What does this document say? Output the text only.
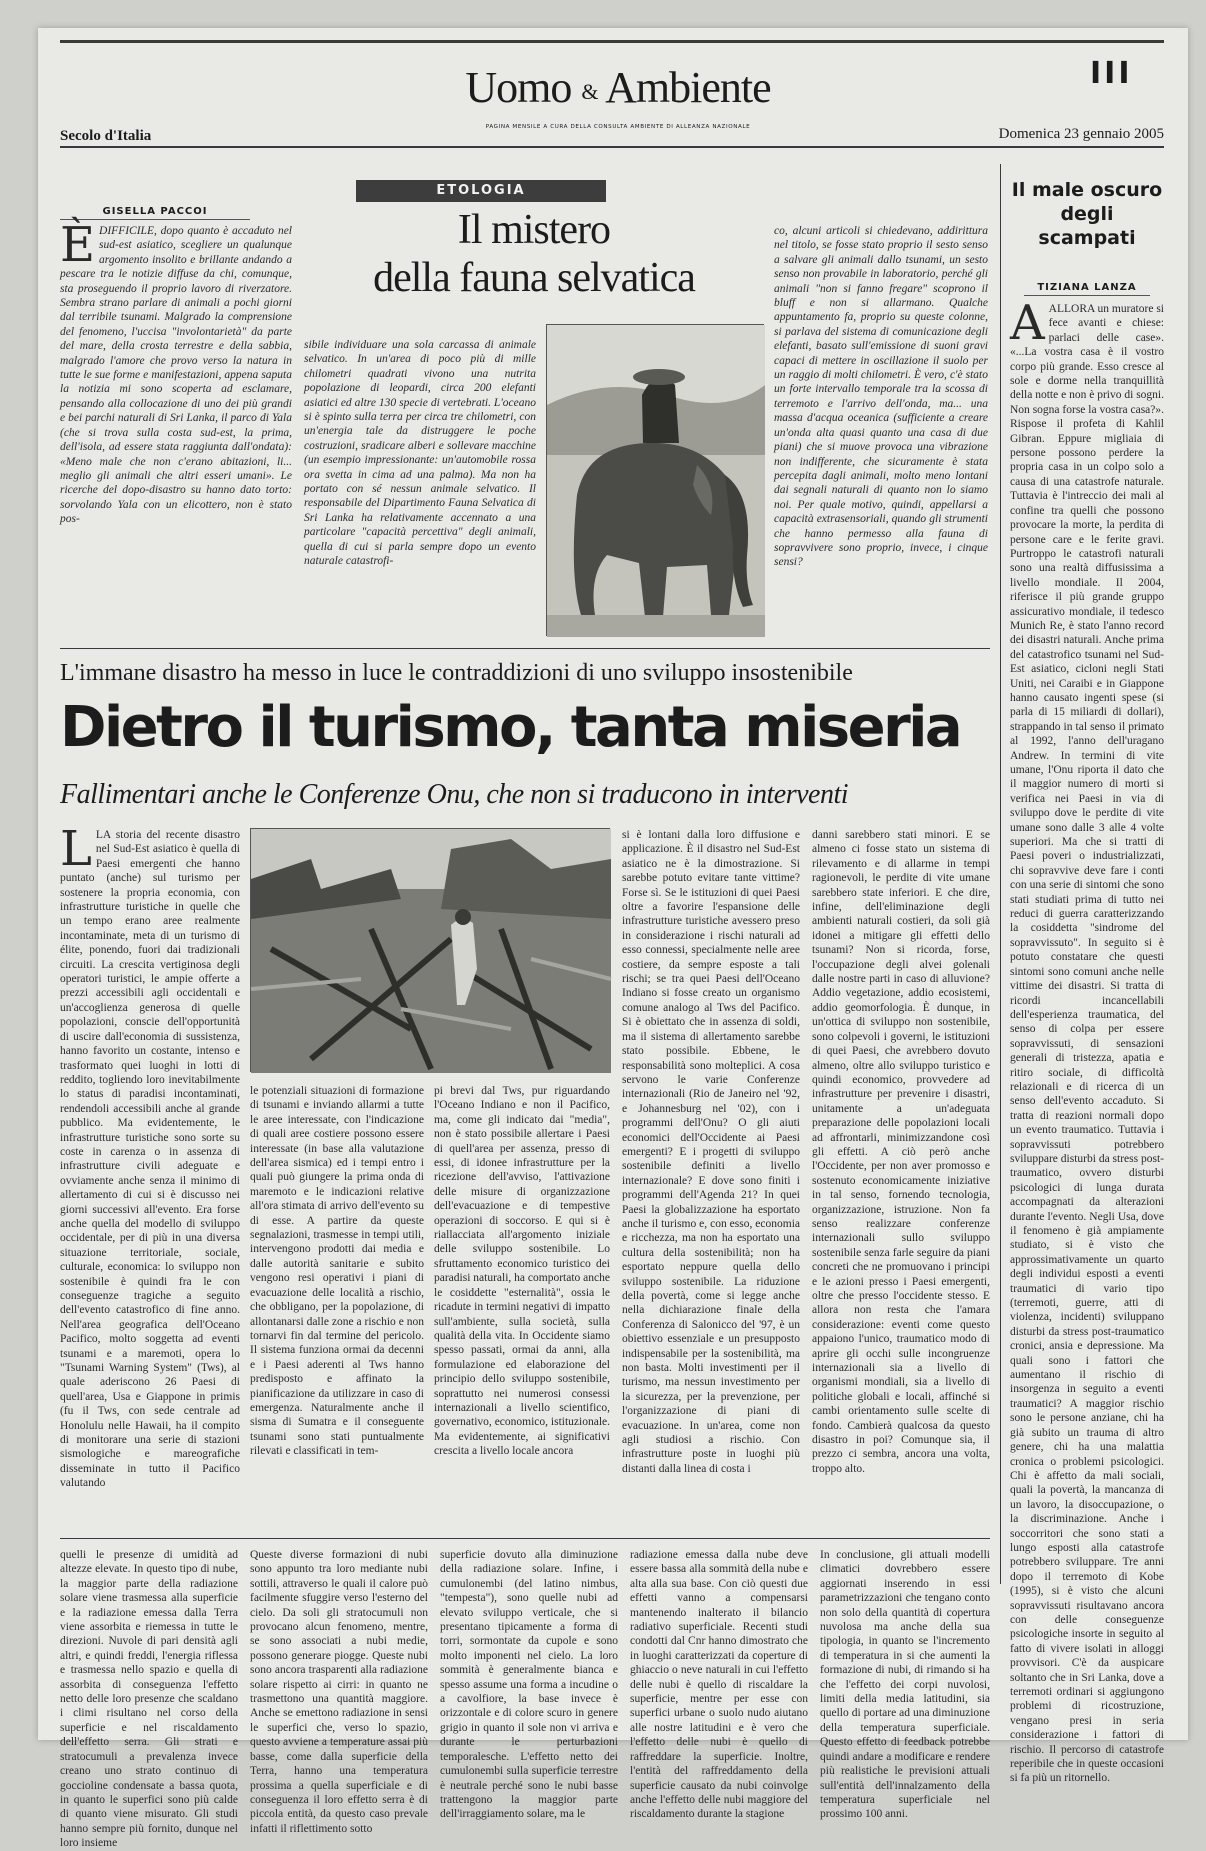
Uomo & Ambiente
PAGINA MENSILE A CURA DELLA CONSULTA AMBIENTE DI ALLEANZA NAZIONALE
III
Secolo d'Italia	Domenica 23 gennaio 2005
ETOLOGIA
GISELLA PACCOI
ÈDIFFICILE, dopo quanto è accaduto nel sud-est asiatico, scegliere un qualunque argomento insolito e brillante andando a pescare tra le notizie diffuse da chi, comunque, sta proseguendo il proprio lavoro di riverzatore. Sembra strano parlare di animali a pochi giorni dal terribile tsunami. Malgrado la comprensione del fenomeno, l'uccisa "involontarietà" da parte del mare, della crosta terrestre e della sabbia, malgrado l'amore che provo verso la natura in tutte le sue forme e manifestazioni, appena saputa la notizia mi sono scoperta ad esclamare, pensando alla collocazione di uno dei più grandi e bei parchi naturali di Sri Lanka, il parco di Yala (che si trova sulla costa sud-est, la prima, dell'isola, ad essere stata raggiunta dall'ondata): «Meno male che non c'erano abitazioni, li... meglio gli animali che altri esseri umani». Le ricerche del dopo-disastro su hanno dato torto: sorvolando Yala con un elicottero, non è stato pos-
Il mistero
della fauna selvatica
sibile individuare una sola carcassa di animale selvatico. In un'area di poco più di mille chilometri quadrati vivono una nutrita popolazione di leopardi, circa 200 elefanti asiatici ed altre 130 specie di vertebrati. L'oceano si è spinto sulla terra per circa tre chilometri, con un'energia tale da distruggere le poche costruzioni, sradicare alberi e sollevare macchine (un esempio impressionante: un'automobile rossa ora svetta in cima ad una palma). Ma non ha portato con sé nessun animale selvatico. Il responsabile del Dipartimento Fauna Selvatica di Sri Lanka ha relativamente accennato a una particolare "capacità percettiva" degli animali, quella di cui si parla sempre dopo un evento naturale catastrofi-
co, alcuni articoli si chiedevano, addirittura nel titolo, se fosse stato proprio il sesto senso a salvare gli animali dallo tsunami, un sesto senso non provabile in laboratorio, perché gli animali "non si fanno fregare" scoprono il bluff e non si allarmano. Qualche appuntamento fa, proprio su queste colonne, si parlava del sistema di comunicazione degli elefanti, basato sull'emissione di suoni gravi capaci di mettere in oscillazione il suolo per un raggio di molti chilometri. È vero, c'è stato un forte intervallo temporale tra la scossa di terremoto e l'arrivo dell'onda, ma... una massa d'acqua oceanica (sufficiente a creare un'onda alta quasi quanto una casa di due piani) che si muove provoca una vibrazione non indifferente, che sicuramente è stata percepita dagli animali, molto meno lontani dai segnali naturali di quanto non lo siamo noi. Per quale motivo, quindi, appellarsi a capacità extrasensoriali, quando gli strumenti che hanno permesso alla fauna di sopravvivere sono proprio, invece, i cinque sensi?
Il male oscuro degli scampati
TIZIANA LANZA
AALLORA un muratore si fece avanti e chiese: parlaci delle case». «...La vostra casa è il vostro corpo più grande. Esso cresce al sole e dorme nella tranquillità della notte e non è privo di sogni. Non sogna forse la vostra casa?». Rispose il profeta di Kahlil Gibran. Eppure migliaia di persone possono perdere la propria casa in un colpo solo a causa di una catastrofe naturale. Tuttavia è l'intreccio dei mali al confine tra quelli che possono provocare la morte, la perdita di persone care e le ferite gravi. Purtroppo le catastrofi naturali sono una realtà diffusissima a livello mondiale. Il 2004, riferisce il più grande gruppo assicurativo mondiale, il tedesco Munich Re, è stato l'anno record dei disastri naturali. Anche prima del catastrofico tsunami nel Sud-Est asiatico, cicloni negli Stati Uniti, nei Caraibi e in Giappone hanno causato ingenti spese (si parla di 15 miliardi di dollari), strappando in tal senso il primato al 1992, l'anno dell'uragano Andrew. In termini di vite umane, l'Onu riporta il dato che il maggior numero di morti si verifica nei Paesi in via di sviluppo dove le perdite di vite umane sono dalle 3 alle 4 volte superiori. Ma che si tratti di Paesi poveri o industrializzati, chi sopravvive deve fare i conti con una serie di sintomi che sono stati studiati prima di tutto nei reduci di guerra caratterizzando la cosiddetta "sindrome del sopravvissuto". In seguito si è potuto constatare che questi sintomi sono comuni anche nelle vittime dei disastri. Si tratta di ricordi incancellabili dell'esperienza traumatica, del senso di colpa per essere sopravvissuti, di sensazioni generali di tristezza, apatia e ritiro sociale, di difficoltà relazionali e di ricerca di un senso dell'evento accaduto. Si tratta di reazioni normali dopo un evento traumatico. Tuttavia i sopravvissuti potrebbero sviluppare disturbi da stress post-traumatico, ovvero disturbi psicologici di lunga durata accompagnati da alterazioni durante l'evento. Negli Usa, dove il fenomeno è già ampiamente studiato, si è visto che approssimativamente un quarto degli individui esposti a eventi traumatici di vario tipo (terremoti, guerre, atti di violenza, incidenti) sviluppano disturbi da stress post-traumatico cronici, ansia e depressione. Ma quali sono i fattori che aumentano il rischio di insorgenza in seguito a eventi traumatici? A maggior rischio sono le persone anziane, chi ha già subito un trauma di altro genere, chi ha una malattia cronica o problemi psicologici. Chi è affetto da mali sociali, quali la povertà, la mancanza di un lavoro, la disoccupazione, o la discriminazione. Anche i soccorritori che sono stati a lungo esposti alla catastrofe potrebbero sviluppare. Tre anni dopo il terremoto di Kobe (1995), si è visto che alcuni sopravvissuti risultavano ancora con delle conseguenze psicologiche insorte in seguito al fatto di vivere isolati in alloggi provvisori. C'è da auspicare soltanto che in Sri Lanka, dove a terremoti ordinari si aggiungono problemi di ricostruzione, vengano presi in seria considerazione i fattori di rischio. Il percorso di catastrofe reperibile che in queste occasioni si fa più un ritornello.
L'immane disastro ha messo in luce le contraddizioni di uno sviluppo insostenibile
Dietro il turismo, tanta miseria
Fallimentari anche le Conferenze Onu, che non si traducono in interventi
LLA storia del recente disastro nel Sud-Est asiatico è quella di Paesi emergenti che hanno puntato (anche) sul turismo per sostenere la propria economia, con infrastrutture turistiche in quelle che un tempo erano aree realmente incontaminate, meta di un turismo di élite, ponendo, fuori dai tradizionali circuiti. La crescita vertiginosa degli operatori turistici, le ampie offerte a prezzi accessibili agli occidentali e un'accoglienza generosa di quelle popolazioni, conscie dell'opportunità di uscire dall'economia di sussistenza, hanno favorito un costante, intenso e trasformato quei luoghi in lotti di reddito, togliendo loro inevitabilmente lo status di paradisi incontaminati, rendendoli accessibili anche al grande pubblico. Ma evidentemente, le infrastrutture turistiche sono sorte su coste in carenza o in assenza di infrastrutture civili adeguate e ovviamente anche senza il minimo di allertamento di cui si è discusso nei giorni successivi all'evento. Era forse anche quella del modello di sviluppo occidentale, per di più in una diversa situazione territoriale, sociale, culturale, economica: lo sviluppo non sostenibile è quindi fra le con conseguenze tragiche a seguito dell'evento catastrofico di fine anno. Nell'area geografica dell'Oceano Pacifico, molto soggetta ad eventi tsunami e a maremoti, opera lo "Tsunami Warning System" (Tws), al quale aderiscono 26 Paesi di quell'area, Usa e Giappone in primis (fu il Tws, con sede centrale ad Honolulu nelle Hawaii, ha il compito di monitorare una serie di stazioni sismologiche e mareografiche disseminate in tutto il Pacifico valutando
le potenziali situazioni di formazione di tsunami e inviando allarmi a tutte le aree interessate, con l'indicazione di quali aree costiere possono essere interessate (in base alla valutazione dell'area sismica) ed i tempi entro i quali può giungere la prima onda di maremoto e le indicazioni relative all'ora stimata di arrivo dell'evento su di esse. A partire da queste segnalazioni, trasmesse in tempi utili, intervengono prodotti dai media e dalle autorità sanitarie e subito vengono resi operativi i piani di evacuazione delle località a rischio, che obbligano, per la popolazione, di allontanarsi dalle zone a rischio e non tornarvi fin dal termine del pericolo. Il sistema funziona ormai da decenni e i Paesi aderenti al Tws hanno predisposto e affinato la pianificazione da utilizzare in caso di emergenza. Naturalmente anche il sisma di Sumatra e il conseguente tsunami sono stati puntualmente rilevati e classificati in tem-
pi brevi dal Tws, pur riguardando l'Oceano Indiano e non il Pacifico, ma, come gli indicato dai "media", non è stato possibile allertare i Paesi di quell'area per assenza, presso di essi, di idonee infrastrutture per la ricezione dell'avviso, l'attivazione delle misure di organizzazione dell'evacuazione e di tempestive operazioni di soccorso. E qui si è riallacciata all'argomento iniziale delle sviluppo sostenibile. Lo sfruttamento economico turistico dei paradisi naturali, ha comportato anche le cosiddette "esternalità", ossia le ricadute in termini negativi di impatto sull'ambiente, sulla società, sulla qualità della vita. In Occidente siamo spesso passati, ormai da anni, alla formulazione ed elaborazione del principio dello sviluppo sostenibile, soprattutto nei numerosi consessi internazionali a livello scientifico, governativo, economico, istituzionale. Ma evidentemente, ai significativi crescita a livello locale ancora
si è lontani dalla loro diffusione e applicazione. È il disastro nel Sud-Est asiatico ne è la dimostrazione. Si sarebbe potuto evitare tante vittime? Forse sì. Se le istituzioni di quei Paesi oltre a favorire l'espansione delle infrastrutture turistiche avessero preso in considerazione i rischi naturali ad esso connessi, specialmente nelle aree costiere, da sempre esposte a tali rischi; se tra quei Paesi dell'Oceano Indiano si fosse creato un organismo comune analogo al Tws del Pacifico. Si è obiettato che in assenza di soldi, ma il sistema di allertamento sarebbe stato possibile. Ebbene, le responsabilità sono molteplici. A cosa servono le varie Conferenze internazionali (Rio de Janeiro nel '92, e Johannesburg nel '02), con i programmi dell'Onu? O gli aiuti economici dell'Occidente ai Paesi emergenti? E i progetti di sviluppo sostenibile definiti a livello internazionale? E dove sono finiti i programmi dell'Agenda 21? In quei Paesi la globalizzazione ha esportato anche il turismo e, con esso, economia e ricchezza, ma non ha esportato una cultura della sostenibilità; non ha esportato neppure quella dello sviluppo sostenibile. La riduzione della povertà, come si legge anche nella dichiarazione finale della Conferenza di Salonicco del '97, è un obiettivo essenziale e un presupposto indispensabile per la sostenibilità, ma non basta. Molti investimenti per il turismo, ma nessun investimento per la sicurezza, per la prevenzione, per l'organizzazione di piani di evacuazione. In un'area, come non agli studiosi a rischio. Con infrastrutture poste in luoghi più distanti dalla linea di costa i
danni sarebbero stati minori. E se almeno ci fosse stato un sistema di rilevamento e di allarme in tempi ragionevoli, le perdite di vite umane sarebbero state inferiori. E che dire, infine, dell'eliminazione degli ambienti naturali costieri, da soli già idonei a mitigare gli effetti dello tsunami? Non si ricorda, forse, l'occupazione degli alvei golenali dalle nostre parti in caso di alluvione? Addio vegetazione, addio ecosistemi, addio geomorfologia. È dunque, in un'ottica di sviluppo non sostenibile, sono colpevoli i governi, le istituzioni di quei Paesi, che avrebbero dovuto almeno, oltre allo sviluppo turistico e quindi economico, provvedere ad infrastrutture per prevenire i disastri, unitamente a un'adeguata preparazione delle popolazioni locali ad affrontarli, minimizzandone così gli effetti. A ciò però anche l'Occidente, per non aver promosso e sostenuto economicamente iniziative in tal senso, fornendo tecnologia, organizzazione, istruzione. Non fa senso realizzare conferenze internazionali sullo sviluppo sostenibile senza farle seguire da piani concreti che ne promuovano i principi e le azioni presso i Paesi emergenti, oltre che presso l'occidente stesso. E allora non resta che l'amara considerazione: eventi come questo appaiono l'unico, traumatico modo di aprire gli occhi sulle incongruenze internazionali sia a livello di organismi mondiali, sia a livello di politiche globali e locali, affinché si cambi orientamento sulle scelte di fondo. Cambierà qualcosa da questo disastro in poi? Comunque sia, il prezzo ci sembra, ancora una volta, troppo alto.
quelli le presenze di umidità ad altezze elevate. In questo tipo di nube, la maggior parte della radiazione solare viene trasmessa alla superficie e la radiazione emessa dalla Terra viene assorbita e riemessa in tutte le direzioni. Nuvole di pari densità agli altri, e quindi freddi, l'energia riflessa e trasmessa nello spazio e quella di assorbita di conseguenza l'effetto netto delle loro presenze che scaldano i climi risultano nel corso della superficie e nel riscaldamento dell'effetto serra. Gli strati e stratocumuli a prevalenza invece creano uno strato continuo di goccioline condensate a bassa quota, in quanto le superfici sono più calde di quanto viene misurato. Gli studi hanno sempre più fornito, dunque nel loro insieme
Queste diverse formazioni di nubi sono appunto tra loro mediante nubi sottili, attraverso le quali il calore può facilmente sfuggire verso l'esterno del cielo. Da soli gli stratocumuli non provocano alcun fenomeno, mentre, se sono associati a nubi medie, possono generare piogge. Queste nubi sono ancora trasparenti alla radiazione solare rispetto ai cirri: in quanto ne trasmettono una quantità maggiore. Anche se emettono radiazione in sensi le superfici che, verso lo spazio, questo avviene a temperature assai più basse, come dalla superficie della Terra, hanno una temperatura prossima a quella superficiale e di conseguenza il loro effetto serra è di piccola entità, da questo caso prevale infatti il riflettimento sotto
superficie dovuto alla diminuzione della radiazione solare. Infine, i cumulonembi (del latino nimbus, "tempesta"), sono quelle nubi ad elevato sviluppo verticale, che si presentano tipicamente a forma di torri, sormontate da cupole e sono molto imponenti nel cielo. La loro sommità è generalmente bianca e spesso assume una forma a incudine o a cavolfiore, la base invece è orizzontale e di colore scuro in genere grigio in quanto il sole non vi arriva e durante le perturbazioni temporalesche. L'effetto netto dei cumulonembi sulla superficie terrestre è neutrale perché sono le nubi basse trattengono la maggior parte dell'irraggiamento solare, ma le
radiazione emessa dalla nube deve essere bassa alla sommità della nube e alta alla sua base. Con ciò questi due effetti vanno a compensarsi mantenendo inalterato il bilancio radiativo superficiale. Recenti studi condotti dal Cnr hanno dimostrato che in luoghi caratterizzati da coperture di ghiaccio o neve naturali in cui l'effetto delle nubi è quello di riscaldare la superficie, mentre per esse con superfici urbane o suolo nudo aiutano alle nostre latitudini e è vero che l'effetto delle nubi è quello di raffreddare la superficie. Inoltre, l'entità del raffreddamento della superficie causato da nubi coinvolge anche l'effetto delle nubi maggiore del riscaldamento durante la stagione
In conclusione, gli attuali modelli climatici dovrebbero essere aggiornati inserendo in essi parametrizzazioni che tengano conto non solo della quantità di copertura nuvolosa ma anche della sua tipologia, in quanto se l'incremento di temperatura in si che aumenti la formazione di nubi, di rimando si ha che l'effetto dei corpi nuvolosi, limiti della media latitudini, sia quello di portare ad una diminuzione della temperatura superficiale. Questo effetto di feedback potrebbe quindi andare a modificare e rendere più realistiche le previsioni attuali sull'entità dell'innalzamento della temperatura superficiale nel prossimo 100 anni.
